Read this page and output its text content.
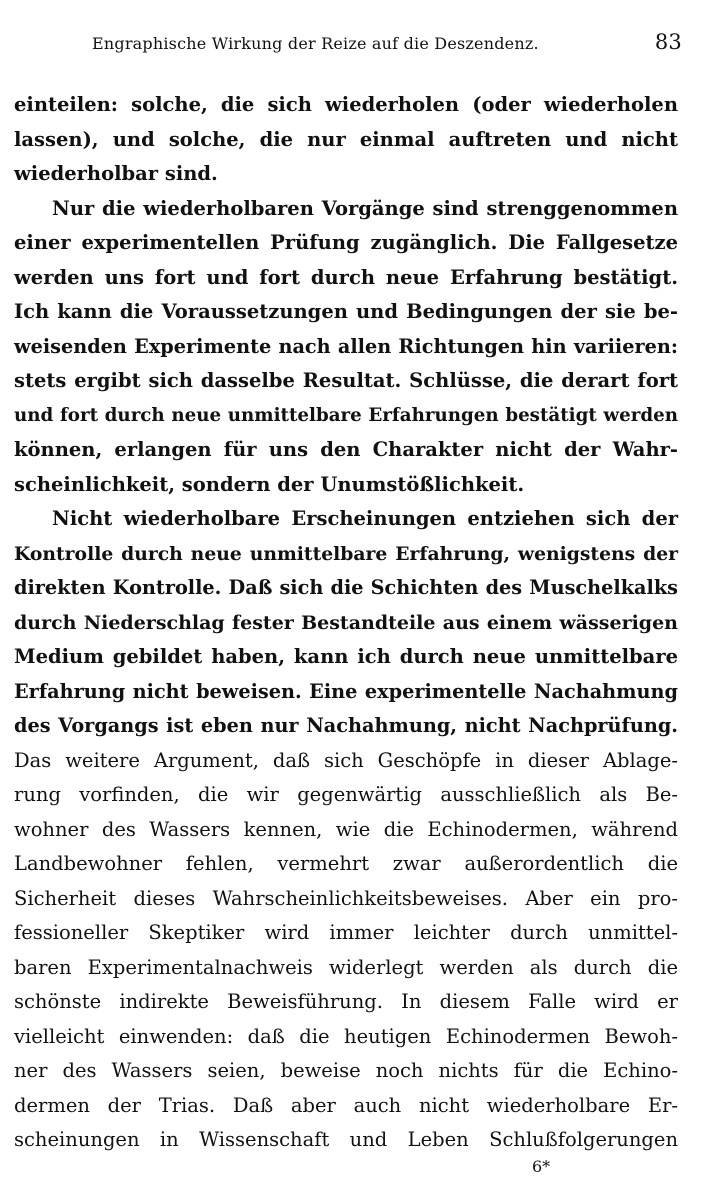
Engraphische Wirkung der Reize auf die Deszendenz.	83
einteilen: solche, die sich wiederholen (oder wiederholen
lassen), und solche, die nur einmal auftreten und nicht
wiederholbar sind.
Nur die wiederholbaren Vorgänge sind strenggenommen
einer experimentellen Prüfung zugänglich. Die Fallgesetze
werden uns fort und fort durch neue Erfahrung bestätigt.
Ich kann die Voraussetzungen und Bedingungen der sie be-
weisenden Experimente nach allen Richtungen hin variieren:
stets ergibt sich dasselbe Resultat. Schlüsse, die derart fort
und fort durch neue unmittelbare Erfahrungen bestätigt werden
können, erlangen für uns den Charakter nicht der Wahr-
scheinlichkeit, sondern der Unumstößlichkeit.
Nicht wiederholbare Erscheinungen entziehen sich der
Kontrolle durch neue unmittelbare Erfahrung, wenigstens der
direkten Kontrolle. Daß sich die Schichten des Muschelkalks
durch Niederschlag fester Bestandteile aus einem wässerigen
Medium gebildet haben, kann ich durch neue unmittelbare
Erfahrung nicht beweisen. Eine experimentelle Nachahmung
des Vorgangs ist eben nur Nachahmung, nicht Nachprüfung.
Das weitere Argument, daß sich Geschöpfe in dieser Ablage-
rung vorfinden, die wir gegenwärtig ausschließlich als Be-
wohner des Wassers kennen, wie die Echinodermen, während
Landbewohner fehlen, vermehrt zwar außerordentlich die
Sicherheit dieses Wahrscheinlichkeitsbeweises. Aber ein pro-
fessioneller Skeptiker wird immer leichter durch unmittel-
baren Experimentalnachweis widerlegt werden als durch die
schönste indirekte Beweisführung. In diesem Falle wird er
vielleicht einwenden: daß die heutigen Echinodermen Bewoh-
ner des Wassers seien, beweise noch nichts für die Echino-
dermen der Trias. Daß aber auch nicht wiederholbare Er-
scheinungen in Wissenschaft und Leben Schlußfolgerungen
6*
